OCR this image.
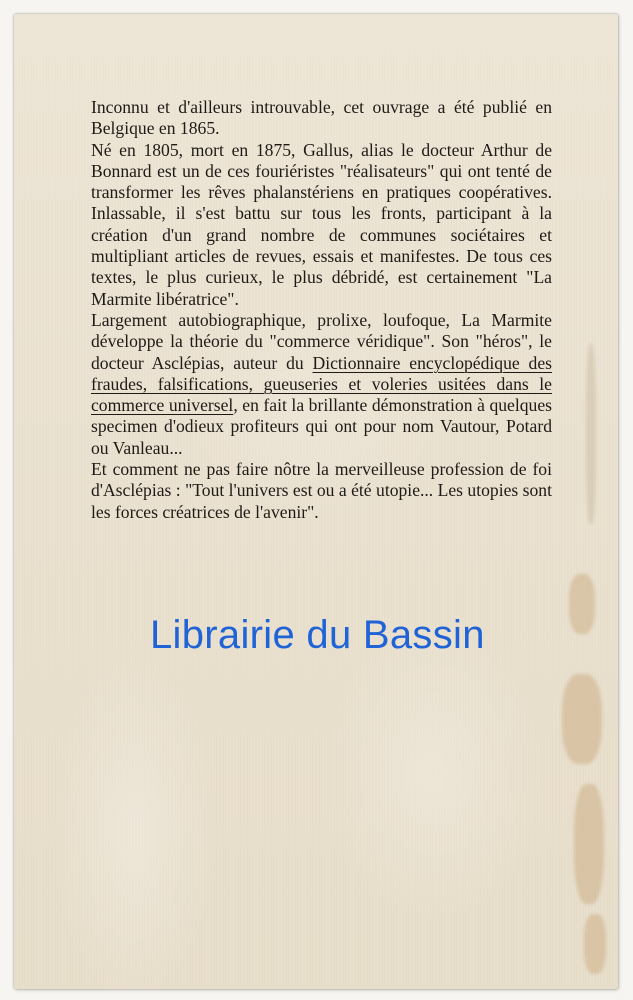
Inconnu et d'ailleurs introuvable, cet ouvrage a été publié en Belgique en 1865.

Né en 1805, mort en 1875, Gallus, alias le docteur Arthur de Bonnard est un de ces fouriéristes "réalisateurs" qui ont tenté de transformer les rêves phalanstériens en pratiques coopératives. Inlassable, il s'est battu sur tous les fronts, participant à la création d'un grand nombre de communes sociétaires et multipliant articles de revues, essais et manifestes. De tous ces textes, le plus curieux, le plus débridé, est certainement "La Marmite libératrice".

Largement autobiographique, prolixe, loufoque, La Marmite développe la théorie du "commerce véridique". Son "héros", le docteur Asclépias, auteur du Dictionnaire encyclopédique des fraudes, falsifications, gueuseries et voleries usitées dans le commerce universel, en fait la brillante démonstration à quelques specimen d'odieux profiteurs qui ont pour nom Vautour, Potard ou Vanleau...

Et comment ne pas faire nôtre la merveilleuse profession de foi d'Asclépias : "Tout l'univers est ou a été utopie... Les utopies sont les forces créatrices de l'avenir".

Librairie du Bassin
